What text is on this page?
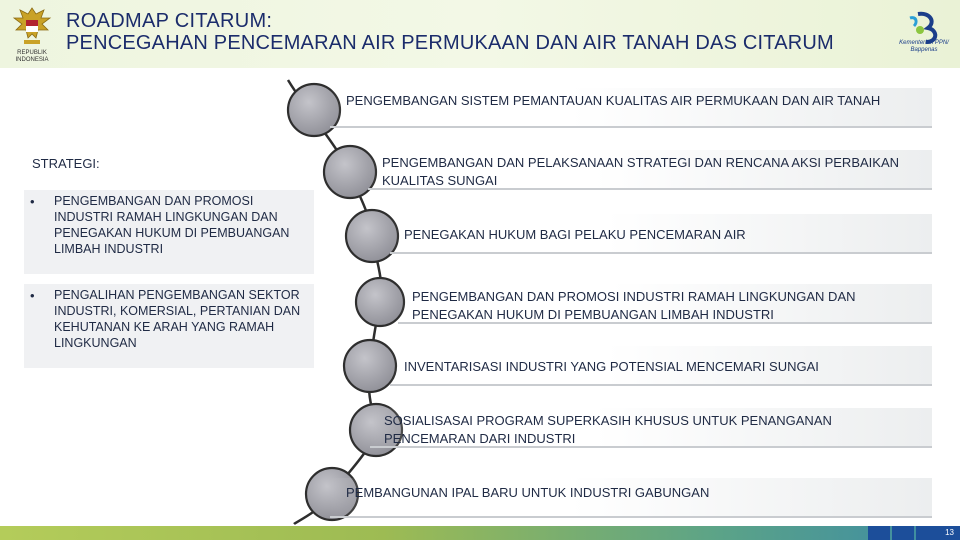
REPUBLIK INDONESIA
ROADMAP CITARUM:
PENCEGAHAN PENCEMARAN AIR PERMUKAAN DAN AIR TANAH DAS CITARUM	Kementerian PPN/ Bappenas
STRATEGI:
• PENGEMBANGAN DAN PROMOSI INDUSTRI RAMAH LINGKUNGAN DAN PENEGAKAN HUKUM DI PEMBUANGAN LIMBAH INDUSTRI
• PENGALIHAN PENGEMBANGAN SEKTOR INDUSTRI, KOMERSIAL, PERTANIAN DAN KEHUTANAN KE ARAH YANG RAMAH LINGKUNGAN
PENGEMBANGAN SISTEM PEMANTAUAN KUALITAS AIR PERMUKAAN DAN AIR TANAH
PENGEMBANGAN DAN PELAKSANAAN STRATEGI DAN RENCANA AKSI PERBAIKAN KUALITAS SUNGAI
PENEGAKAN HUKUM BAGI PELAKU PENCEMARAN AIR
PENGEMBANGAN DAN PROMOSI INDUSTRI RAMAH LINGKUNGAN DAN PENEGAKAN HUKUM DI PEMBUANGAN LIMBAH INDUSTRI
INVENTARISASI INDUSTRI YANG POTENSIAL MENCEMARI SUNGAI
SOSIALISASAI PROGRAM SUPERKASIH KHUSUS UNTUK PENANGANAN PENCEMARAN DARI INDUSTRI
PEMBANGUNAN IPAL BARU UNTUK INDUSTRI GABUNGAN
13
